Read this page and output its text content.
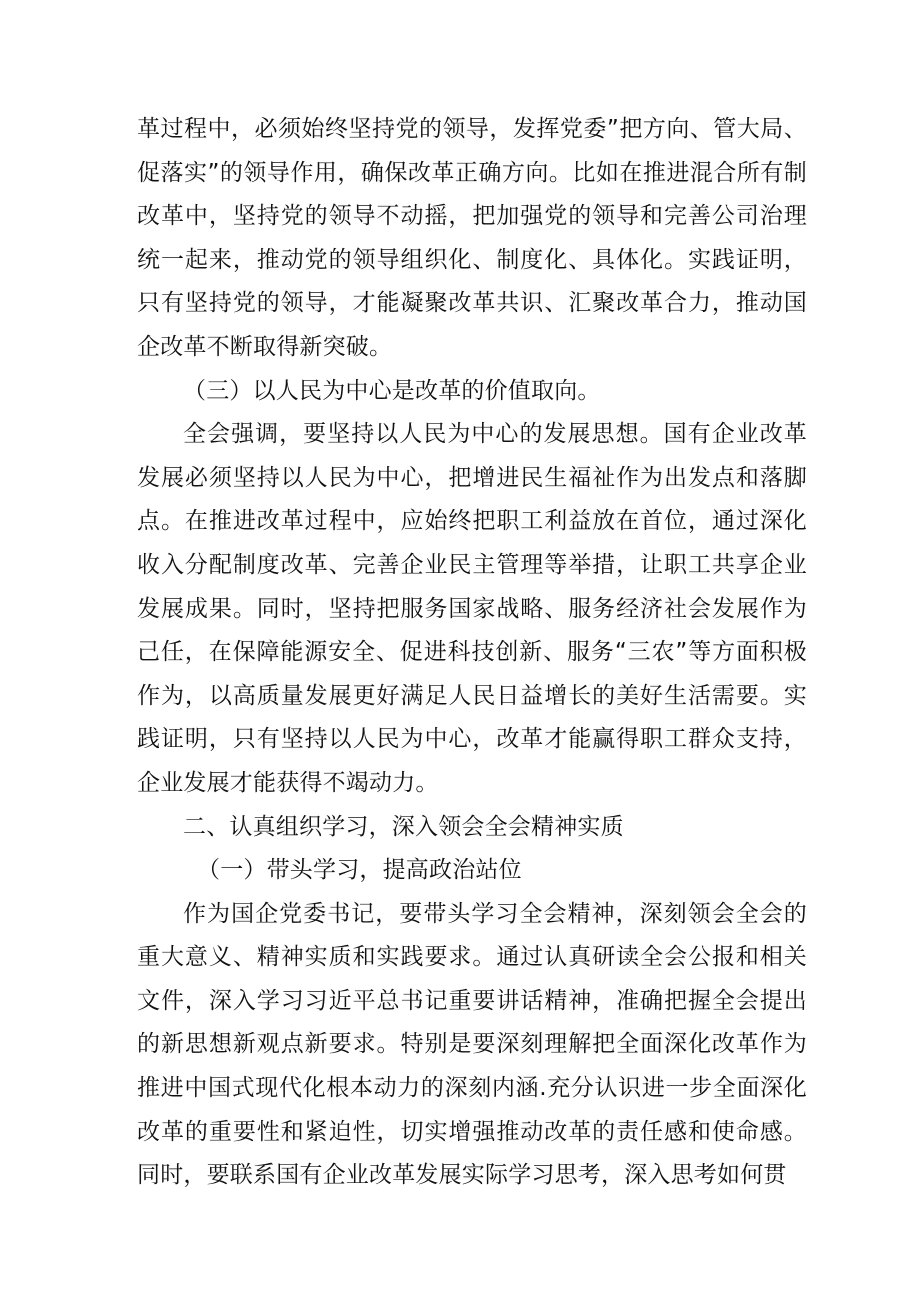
革过程中，必须始终坚持党的领导，发挥党委”把方向、管大局、促落实”的领导作用，确保改革正确方向。比如在推进混合所有制改革中，坚持党的领导不动摇，把加强党的领导和完善公司治理统一起来，推动党的领导组织化、制度化、具体化。实践证明，只有坚持党的领导，才能凝聚改革共识、汇聚改革合力，推动国企改革不断取得新突破。

（三）以人民为中心是改革的价值取向。

全会强调，要坚持以人民为中心的发展思想。国有企业改革发展必须坚持以人民为中心，把增进民生福祉作为出发点和落脚点。在推进改革过程中，应始终把职工利益放在首位，通过深化收入分配制度改革、完善企业民主管理等举措，让职工共享企业发展成果。同时，坚持把服务国家战略、服务经济社会发展作为己任，在保障能源安全、促进科技创新、服务“三农”等方面积极作为，以高质量发展更好满足人民日益增长的美好生活需要。实践证明，只有坚持以人民为中心，改革才能赢得职工群众支持，企业发展才能获得不竭动力。

二、认真组织学习，深入领会全会精神实质

（一）带头学习，提高政治站位

作为国企党委书记，要带头学习全会精神，深刻领会全会的重大意义、精神实质和实践要求。通过认真研读全会公报和相关文件，深入学习习近平总书记重要讲话精神，准确把握全会提出的新思想新观点新要求。特别是要深刻理解把全面深化改革作为推进中国式现代化根本动力的深刻内涵.充分认识进一步全面深化改革的重要性和紧迫性，切实增强推动改革的责任感和使命感。同时，要联系国有企业改革发展实际学习思考，深入思考如何贯
